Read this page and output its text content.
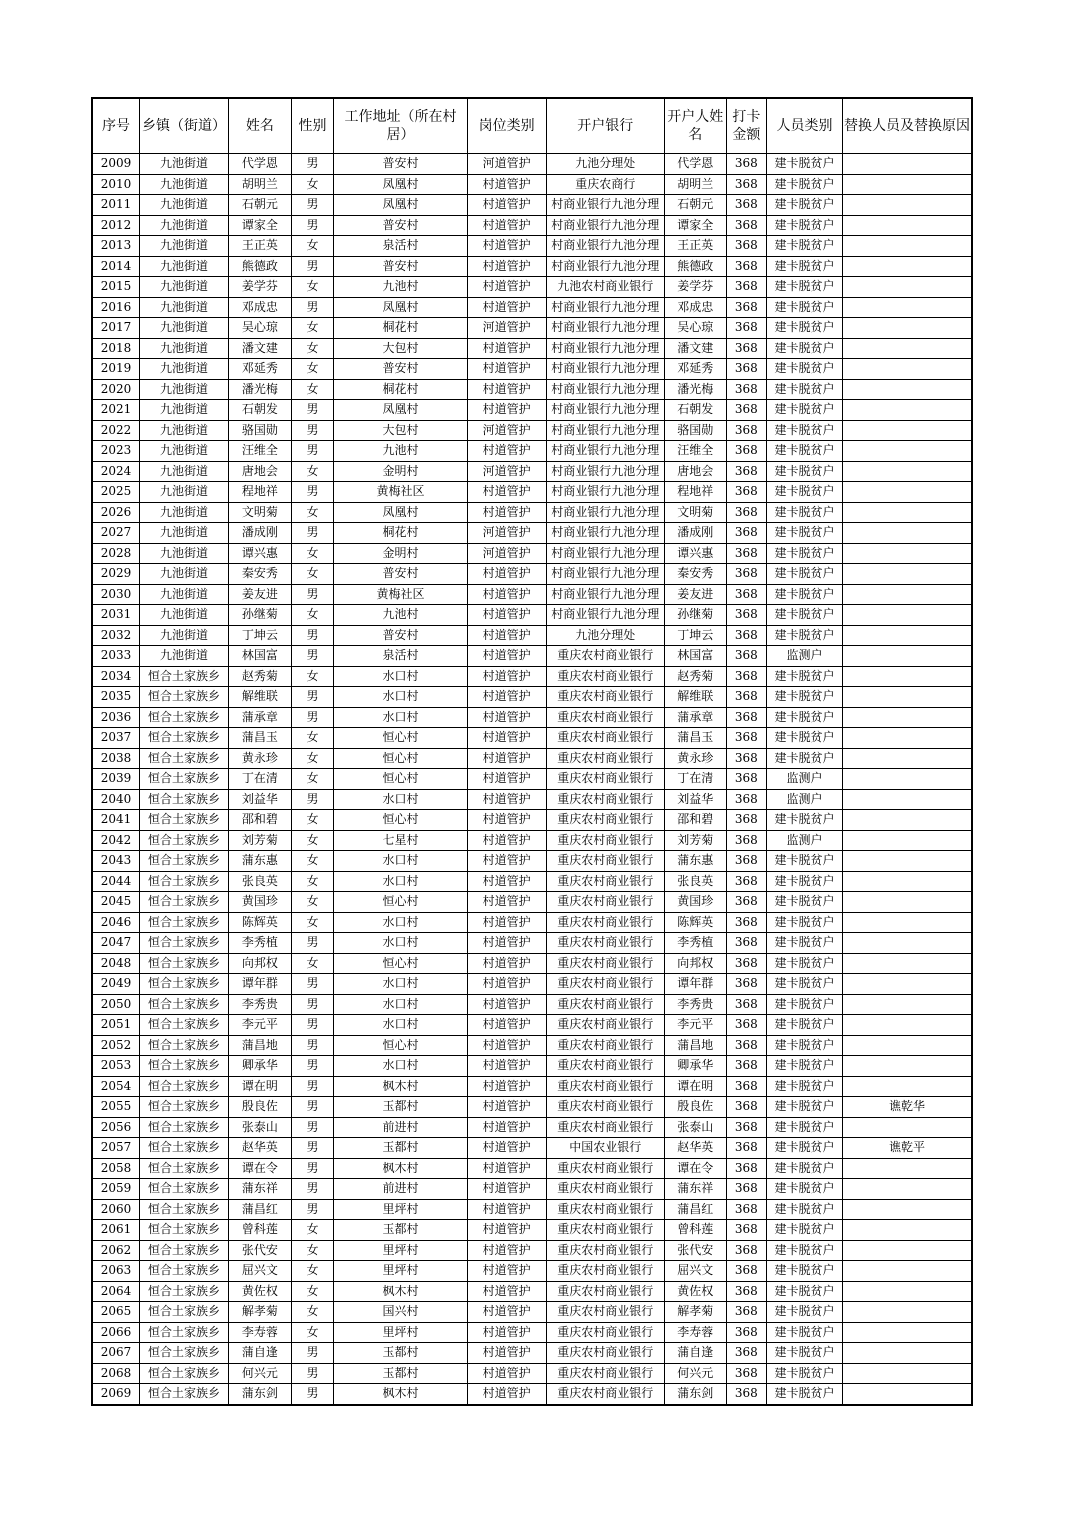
序号	乡镇（街道）	姓名	性别	工作地址（所在村居）	岗位类别	开户银行	开户人姓名	打卡金额	人员类别	替换人员及替换原因
2009	九池街道	代学恩	男	普安村	河道管护	九池分理处	代学恩	368	建卡脱贫户	
2010	九池街道	胡明兰	女	凤凰村	村道管护	重庆农商行	胡明兰	368	建卡脱贫户	
2011	九池街道	石朝元	男	凤凰村	村道管护	村商业银行九池分理	石朝元	368	建卡脱贫户	
2012	九池街道	谭家全	男	普安村	村道管护	村商业银行九池分理	谭家全	368	建卡脱贫户	
2013	九池街道	王正英	女	泉活村	村道管护	村商业银行九池分理	王正英	368	建卡脱贫户	
2014	九池街道	熊德政	男	普安村	村道管护	村商业银行九池分理	熊德政	368	建卡脱贫户	
2015	九池街道	姜学芬	女	九池村	村道管护	九池农村商业银行	姜学芬	368	建卡脱贫户	
2016	九池街道	邓成忠	男	凤凰村	村道管护	村商业银行九池分理	邓成忠	368	建卡脱贫户	
2017	九池街道	吴心琼	女	桐花村	河道管护	村商业银行九池分理	吴心琼	368	建卡脱贫户	
2018	九池街道	潘文建	女	大包村	村道管护	村商业银行九池分理	潘文建	368	建卡脱贫户	
2019	九池街道	邓延秀	女	普安村	村道管护	村商业银行九池分理	邓延秀	368	建卡脱贫户	
2020	九池街道	潘光梅	女	桐花村	村道管护	村商业银行九池分理	潘光梅	368	建卡脱贫户	
2021	九池街道	石朝发	男	凤凰村	村道管护	村商业银行九池分理	石朝发	368	建卡脱贫户	
2022	九池街道	骆国勋	男	大包村	河道管护	村商业银行九池分理	骆国勋	368	建卡脱贫户	
2023	九池街道	汪维全	男	九池村	村道管护	村商业银行九池分理	汪维全	368	建卡脱贫户	
2024	九池街道	唐地会	女	金明村	河道管护	村商业银行九池分理	唐地会	368	建卡脱贫户	
2025	九池街道	程地祥	男	黄梅社区	村道管护	村商业银行九池分理	程地祥	368	建卡脱贫户	
2026	九池街道	文明菊	女	凤凰村	村道管护	村商业银行九池分理	文明菊	368	建卡脱贫户	
2027	九池街道	潘成刚	男	桐花村	河道管护	村商业银行九池分理	潘成刚	368	建卡脱贫户	
2028	九池街道	谭兴惠	女	金明村	河道管护	村商业银行九池分理	谭兴惠	368	建卡脱贫户	
2029	九池街道	秦安秀	女	普安村	村道管护	村商业银行九池分理	秦安秀	368	建卡脱贫户	
2030	九池街道	姜友进	男	黄梅社区	村道管护	村商业银行九池分理	姜友进	368	建卡脱贫户	
2031	九池街道	孙继菊	女	九池村	村道管护	村商业银行九池分理	孙继菊	368	建卡脱贫户	
2032	九池街道	丁坤云	男	普安村	村道管护	九池分理处	丁坤云	368	建卡脱贫户	
2033	九池街道	林国富	男	泉活村	村道管护	重庆农村商业银行	林国富	368	监测户	
2034	恒合土家族乡	赵秀菊	女	水口村	村道管护	重庆农村商业银行	赵秀菊	368	建卡脱贫户	
2035	恒合土家族乡	解维联	男	水口村	村道管护	重庆农村商业银行	解维联	368	建卡脱贫户	
2036	恒合土家族乡	蒲承章	男	水口村	村道管护	重庆农村商业银行	蒲承章	368	建卡脱贫户	
2037	恒合土家族乡	蒲昌玉	女	恒心村	村道管护	重庆农村商业银行	蒲昌玉	368	建卡脱贫户	
2038	恒合土家族乡	黄永珍	女	恒心村	村道管护	重庆农村商业银行	黄永珍	368	建卡脱贫户	
2039	恒合土家族乡	丁在清	女	恒心村	村道管护	重庆农村商业银行	丁在清	368	监测户	
2040	恒合土家族乡	刘益华	男	水口村	村道管护	重庆农村商业银行	刘益华	368	监测户	
2041	恒合土家族乡	邵和碧	女	恒心村	村道管护	重庆农村商业银行	邵和碧	368	建卡脱贫户	
2042	恒合土家族乡	刘芳菊	女	七星村	村道管护	重庆农村商业银行	刘芳菊	368	监测户	
2043	恒合土家族乡	蒲东惠	女	水口村	村道管护	重庆农村商业银行	蒲东惠	368	建卡脱贫户	
2044	恒合土家族乡	张良英	女	水口村	村道管护	重庆农村商业银行	张良英	368	建卡脱贫户	
2045	恒合土家族乡	黄国珍	女	恒心村	村道管护	重庆农村商业银行	黄国珍	368	建卡脱贫户	
2046	恒合土家族乡	陈辉英	女	水口村	村道管护	重庆农村商业银行	陈辉英	368	建卡脱贫户	
2047	恒合土家族乡	李秀植	男	水口村	村道管护	重庆农村商业银行	李秀植	368	建卡脱贫户	
2048	恒合土家族乡	向邦权	女	恒心村	村道管护	重庆农村商业银行	向邦权	368	建卡脱贫户	
2049	恒合土家族乡	谭年群	男	水口村	村道管护	重庆农村商业银行	谭年群	368	建卡脱贫户	
2050	恒合土家族乡	李秀贵	男	水口村	村道管护	重庆农村商业银行	李秀贵	368	建卡脱贫户	
2051	恒合土家族乡	李元平	男	水口村	村道管护	重庆农村商业银行	李元平	368	建卡脱贫户	
2052	恒合土家族乡	蒲昌地	男	恒心村	村道管护	重庆农村商业银行	蒲昌地	368	建卡脱贫户	
2053	恒合土家族乡	卿承华	男	水口村	村道管护	重庆农村商业银行	卿承华	368	建卡脱贫户	
2054	恒合土家族乡	谭在明	男	枫木村	村道管护	重庆农村商业银行	谭在明	368	建卡脱贫户	
2055	恒合土家族乡	殷良佐	男	玉都村	村道管护	重庆农村商业银行	殷良佐	368	建卡脱贫户	谯乾华
2056	恒合土家族乡	张泰山	男	前进村	村道管护	重庆农村商业银行	张泰山	368	建卡脱贫户	
2057	恒合土家族乡	赵华英	男	玉都村	村道管护	中国农业银行	赵华英	368	建卡脱贫户	谯乾平
2058	恒合土家族乡	谭在令	男	枫木村	村道管护	重庆农村商业银行	谭在令	368	建卡脱贫户	
2059	恒合土家族乡	蒲东祥	男	前进村	村道管护	重庆农村商业银行	蒲东祥	368	建卡脱贫户	
2060	恒合土家族乡	蒲昌红	男	里坪村	村道管护	重庆农村商业银行	蒲昌红	368	建卡脱贫户	
2061	恒合土家族乡	曾科莲	女	玉都村	村道管护	重庆农村商业银行	曾科莲	368	建卡脱贫户	
2062	恒合土家族乡	张代安	女	里坪村	村道管护	重庆农村商业银行	张代安	368	建卡脱贫户	
2063	恒合土家族乡	屈兴文	女	里坪村	村道管护	重庆农村商业银行	屈兴文	368	建卡脱贫户	
2064	恒合土家族乡	黄佐权	女	枫木村	村道管护	重庆农村商业银行	黄佐权	368	建卡脱贫户	
2065	恒合土家族乡	解孝菊	女	国兴村	村道管护	重庆农村商业银行	解孝菊	368	建卡脱贫户	
2066	恒合土家族乡	李寿蓉	女	里坪村	村道管护	重庆农村商业银行	李寿蓉	368	建卡脱贫户	
2067	恒合土家族乡	蒲自逢	男	玉都村	村道管护	重庆农村商业银行	蒲自逢	368	建卡脱贫户	
2068	恒合土家族乡	何兴元	男	玉都村	村道管护	重庆农村商业银行	何兴元	368	建卡脱贫户	
2069	恒合土家族乡	蒲东剑	男	枫木村	村道管护	重庆农村商业银行	蒲东剑	368	建卡脱贫户	
